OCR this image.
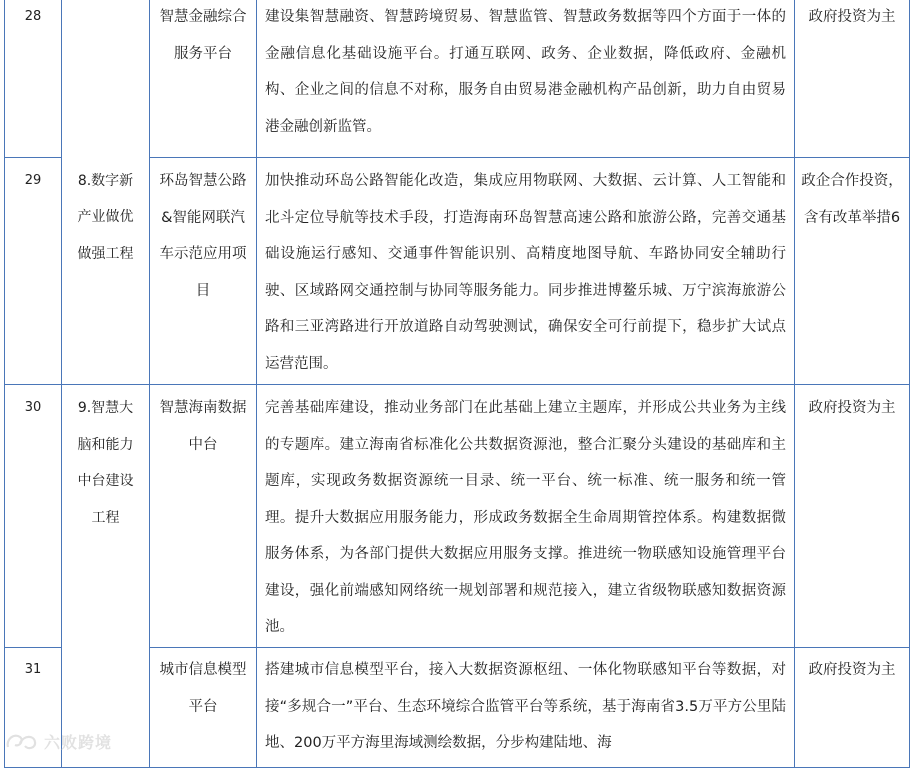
28		智慧金融综合服务平台	建设集智慧融资、智慧跨境贸易、智慧监管、智慧政务数据等四个方面于一体的金融信息化基础设施平台。打通互联网、政务、企业数据，降低政府、金融机构、企业之间的信息不对称，服务自由贸易港金融机构产品创新，助力自由贸易港金融创新监管。	政府投资为主
29	8.数字新产业做优做强工程	环岛智慧公路&智能网联汽车示范应用项目	加快推动环岛公路智能化改造，集成应用物联网、大数据、云计算、人工智能和北斗定位导航等技术手段，打造海南环岛智慧高速公路和旅游公路，完善交通基础设施运行感知、交通事件智能识别、高精度地图导航、车路协同安全辅助行驶、区域路网交通控制与协同等服务能力。同步推进博鳌乐城、万宁滨海旅游公路和三亚湾路进行开放道路自动驾驶测试，确保安全可行前提下，稳步扩大试点运营范围。	政企合作投资，含有改革举措6
30	9.智慧大脑和能力中台建设工程	智慧海南数据中台	完善基础库建设，推动业务部门在此基础上建立主题库，并形成公共业务为主线的专题库。建立海南省标准化公共数据资源池，整合汇聚分头建设的基础库和主题库，实现政务数据资源统一目录、统一平台、统一标准、统一服务和统一管理。提升大数据应用服务能力，形成政务数据全生命周期管控体系。构建数据微服务体系，为各部门提供大数据应用服务支撑。推进统一物联感知设施管理平台建设，强化前端感知网络统一规划部署和规范接入，建立省级物联感知数据资源池。	政府投资为主
31		城市信息模型平台	搭建城市信息模型平台，接入大数据资源枢纽、一体化物联感知平台等数据，对接“多规合一”平台、生态环境综合监管平台等系统，基于海南省3.5万平方公里陆地、200万平方海里海域测绘数据，分步构建陆地、海	政府投资为主
六败跨境
